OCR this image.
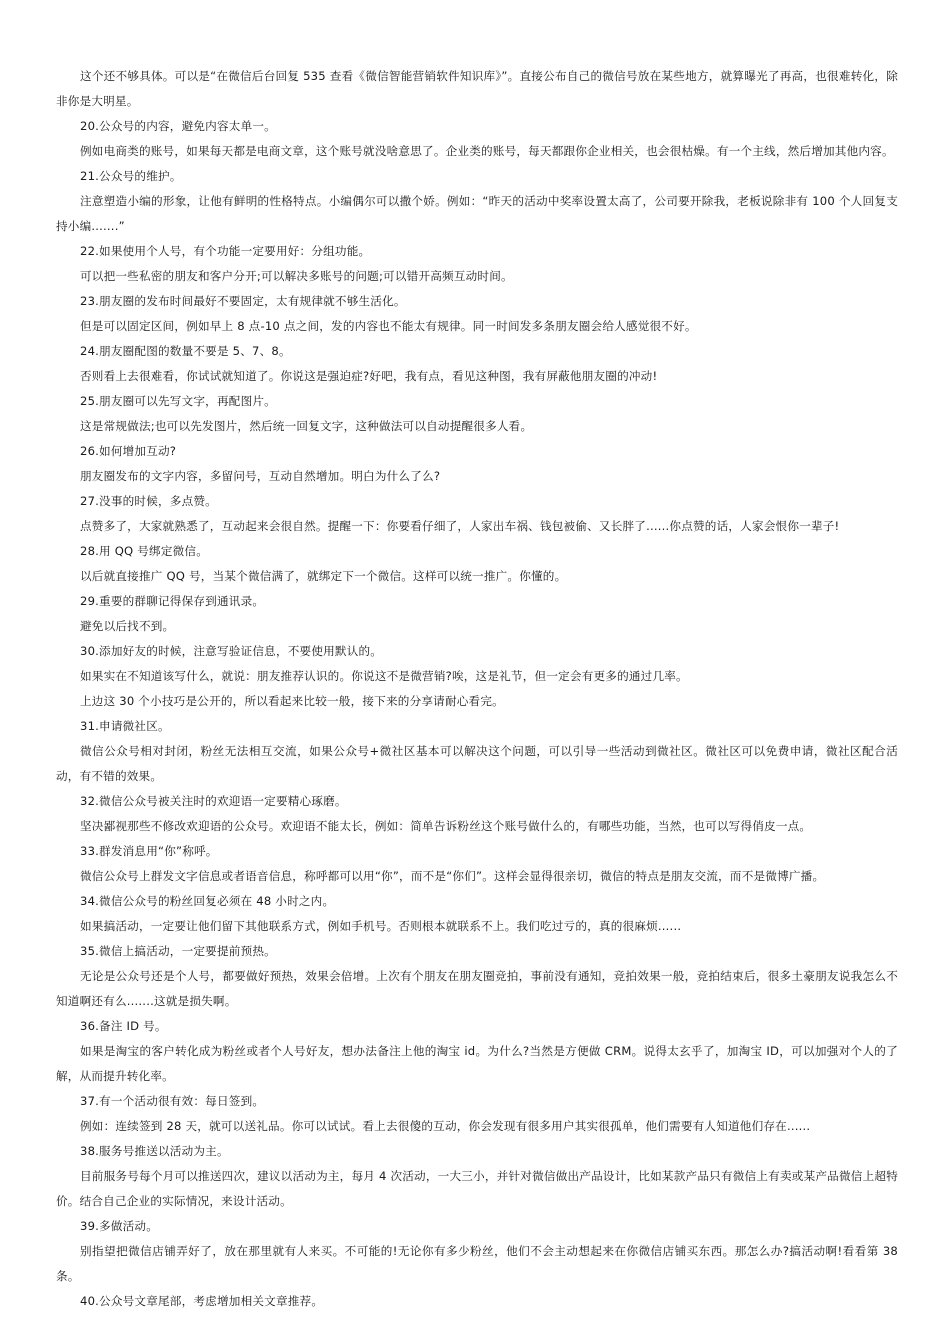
这个还不够具体。可以是“在微信后台回复 535 查看《微信智能营销软件知识库》”。直接公布自己的微信号放在某些地方，就算曝光了再高，也很难转化，除非你是大明星。

20.公众号的内容，避免内容太单一。

例如电商类的账号，如果每天都是电商文章，这个账号就没啥意思了。企业类的账号，每天都跟你企业相关，也会很枯燥。有一个主线，然后增加其他内容。

21.公众号的维护。

注意塑造小编的形象，让他有鲜明的性格特点。小编偶尔可以撒个娇。例如：“昨天的活动中奖率设置太高了，公司要开除我，老板说除非有 100 个人回复支持小编.......”

22.如果使用个人号，有个功能一定要用好：分组功能。

可以把一些私密的朋友和客户分开;可以解决多账号的问题;可以错开高频互动时间。

23.朋友圈的发布时间最好不要固定，太有规律就不够生活化。

但是可以固定区间，例如早上 8 点-10 点之间，发的内容也不能太有规律。同一时间发多条朋友圈会给人感觉很不好。

24.朋友圈配图的数量不要是 5、7、8。

否则看上去很难看，你试试就知道了。你说这是强迫症?好吧，我有点，看见这种图，我有屏蔽他朋友圈的冲动!

25.朋友圈可以先写文字，再配图片。

这是常规做法;也可以先发图片，然后统一回复文字，这种做法可以自动提醒很多人看。

26.如何增加互动?

朋友圈发布的文字内容，多留问号，互动自然增加。明白为什么了么?

27.没事的时候，多点赞。

点赞多了，大家就熟悉了，互动起来会很自然。提醒一下：你要看仔细了，人家出车祸、钱包被偷、又长胖了......你点赞的话，人家会恨你一辈子!

28.用 QQ 号绑定微信。

以后就直接推广 QQ 号，当某个微信满了，就绑定下一个微信。这样可以统一推广。你懂的。

29.重要的群聊记得保存到通讯录。

避免以后找不到。

30.添加好友的时候，注意写验证信息，不要使用默认的。

如果实在不知道该写什么，就说：朋友推荐认识的。你说这不是微营销?唉，这是礼节，但一定会有更多的通过几率。

上边这 30 个小技巧是公开的，所以看起来比较一般，接下来的分享请耐心看完。

31.申请微社区。

微信公众号相对封闭，粉丝无法相互交流，如果公众号+微社区基本可以解决这个问题，可以引导一些活动到微社区。微社区可以免费申请，微社区配合活动，有不错的效果。

32.微信公众号被关注时的欢迎语一定要精心琢磨。

坚决鄙视那些不修改欢迎语的公众号。欢迎语不能太长，例如：简单告诉粉丝这个账号做什么的，有哪些功能，当然，也可以写得俏皮一点。

33.群发消息用“你”称呼。

微信公众号上群发文字信息或者语音信息，称呼都可以用“你”，而不是“你们”。这样会显得很亲切，微信的特点是朋友交流，而不是微博广播。

34.微信公众号的粉丝回复必须在 48 小时之内。

如果搞活动，一定要让他们留下其他联系方式，例如手机号。否则根本就联系不上。我们吃过亏的，真的很麻烦......

35.微信上搞活动，一定要提前预热。

无论是公众号还是个人号，都要做好预热，效果会倍增。上次有个朋友在朋友圈竞拍，事前没有通知，竞拍效果一般，竞拍结束后，很多土豪朋友说我怎么不知道啊还有么.......这就是损失啊。

36.备注 ID 号。

如果是淘宝的客户转化成为粉丝或者个人号好友，想办法备注上他的淘宝 id。为什么?当然是方便做 CRM。说得太玄乎了，加淘宝 ID，可以加强对个人的了解，从而提升转化率。

37.有一个活动很有效：每日签到。

例如：连续签到 28 天，就可以送礼品。你可以试试。看上去很傻的互动，你会发现有很多用户其实很孤单，他们需要有人知道他们存在......

38.服务号推送以活动为主。

目前服务号每个月可以推送四次，建议以活动为主，每月 4 次活动，一大三小，并针对微信做出产品设计，比如某款产品只有微信上有卖或某产品微信上超特价。结合自己企业的实际情况，来设计活动。

39.多做活动。

别指望把微信店铺弄好了，放在那里就有人来买。不可能的!无论你有多少粉丝，他们不会主动想起来在你微信店铺买东西。那怎么办?搞活动啊!看看第 38 条。

40.公众号文章尾部，考虑增加相关文章推荐。
